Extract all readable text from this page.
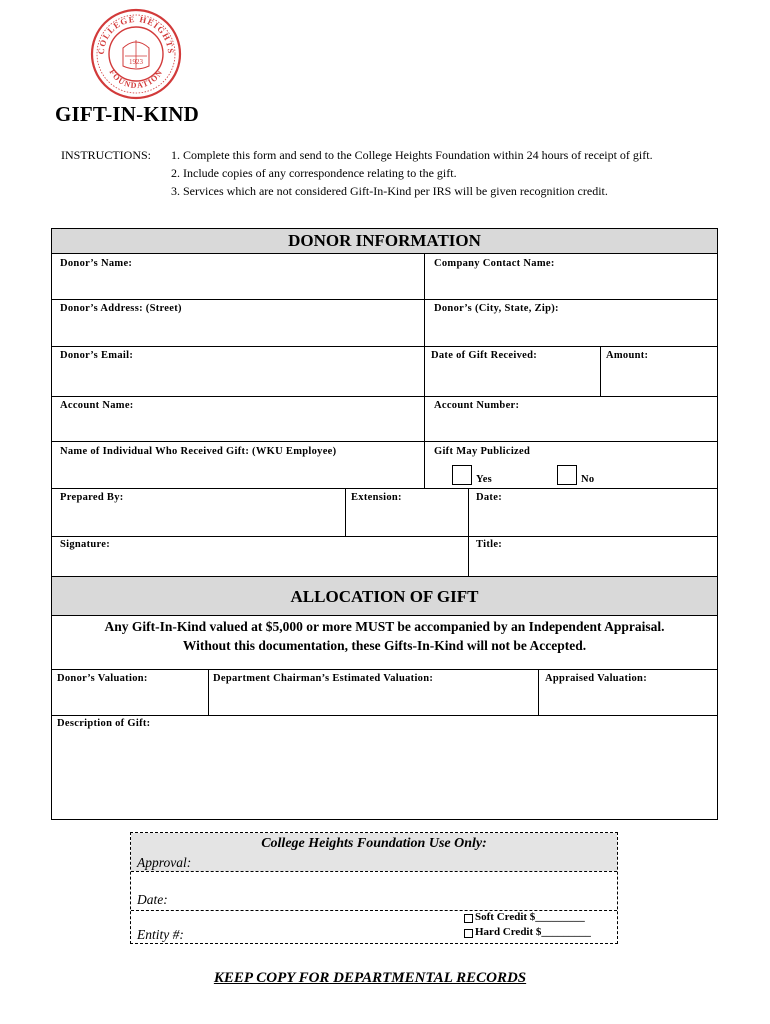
COLLEGE HEIGHTS
FOUNDATION
1923
GIFT-IN-KIND
INSTRUCTIONS: 1. Complete this form and send to the College Heights Foundation within 24 hours of receipt of gift.
2. Include copies of any correspondence relating to the gift.
3. Services which are not considered Gift-In-Kind per IRS will be given recognition credit.
DONOR INFORMATION
Donor’s Name:	Company Contact Name:
Donor’s Address: (Street)	Donor’s (City, State, Zip):
Donor’s Email:	Date of Gift Received:	Amount:
Account Name:	Account Number:
Name of Individual Who Received Gift: (WKU Employee)	Gift May Publicized
Yes	No
Prepared By:	Extension:	Date:
Signature:	Title:
ALLOCATION OF GIFT
Any Gift-In-Kind valued at $5,000 or more MUST be accompanied by an Independent Appraisal.
Without this documentation, these Gifts-In-Kind will not be Accepted.
Donor’s Valuation:	Department Chairman’s Estimated Valuation:	Appraised Valuation:
Description of Gift:
College Heights Foundation Use Only:
Approval:
Date:
Entity #:
Soft Credit $_________
Hard Credit $_________
KEEP COPY FOR DEPARTMENTAL RECORDS
